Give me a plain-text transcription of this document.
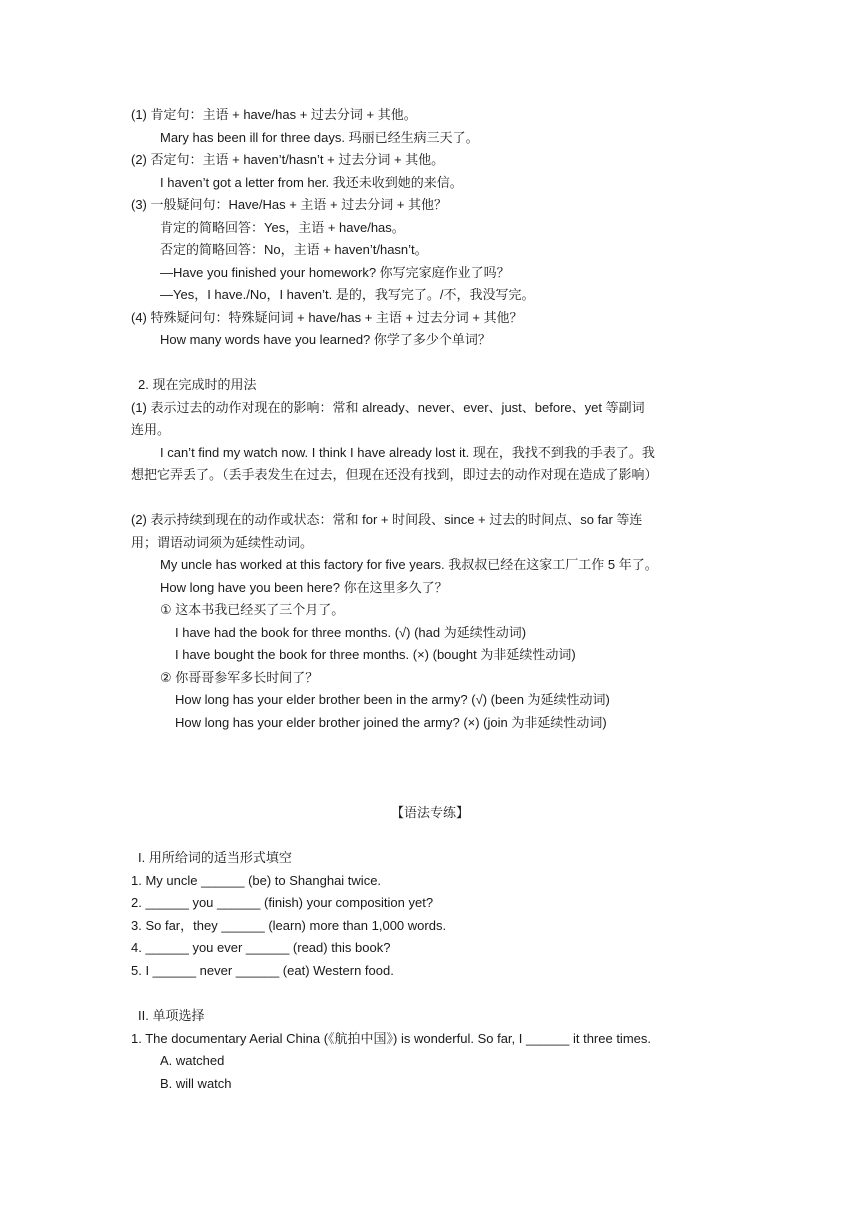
(1) 肯定句：主语 + have/has + 过去分词 + 其他。
Mary has been ill for three days. 玛丽已经生病三天了。
(2) 否定句：主语 + haven’t/hasn’t + 过去分词 + 其他。
I haven’t got a letter from her. 我还未收到她的来信。
(3) 一般疑问句：Have/Has + 主语 + 过去分词 + 其他？
肯定的简略回答：Yes，主语 + have/has。
否定的简略回答：No，主语 + haven’t/hasn’t。
—Have you finished your homework? 你写完家庭作业了吗？
—Yes，I have./No，I haven’t. 是的，我写完了。/不，我没写完。
(4) 特殊疑问句：特殊疑问词 + have/has + 主语 + 过去分词 + 其他？
How many words have you learned? 你学了多少个单词？
2. 现在完成时的用法
(1) 表示过去的动作对现在的影响：常和 already、never、ever、just、before、yet 等副词
连用。
I can’t find my watch now. I think I have already lost it. 现在，我找不到我的手表了。我
想把它弄丢了。（丢手表发生在过去，但现在还没有找到，即过去的动作对现在造成了影响）
(2) 表示持续到现在的动作或状态：常和 for + 时间段、since + 过去的时间点、so far 等连
用；谓语动词须为延续性动词。
My uncle has worked at this factory for five years. 我叔叔已经在这家工厂工作 5 年了。
How long have you been here? 你在这里多久了？
① 这本书我已经买了三个月了。
I have had the book for three months. (√) (had 为延续性动词)
I have bought the book for three months. (×) (bought 为非延续性动词)
② 你哥哥参军多长时间了？
How long has your elder brother been in the army? (√) (been 为延续性动词)
How long has your elder brother joined the army? (×) (join 为非延续性动词)
【语法专练】
I. 用所给词的适当形式填空
1. My uncle ______ (be) to Shanghai twice.
2. ______ you ______ (finish) your composition yet?
3. So far，they ______ (learn) more than 1,000 words.
4. ______ you ever ______ (read) this book?
5. I ______ never ______ (eat) Western food.
II. 单项选择
1. The documentary Aerial China (《航拍中国》) is wonderful. So far, I ______ it three times.
A. watched
B. will watch
